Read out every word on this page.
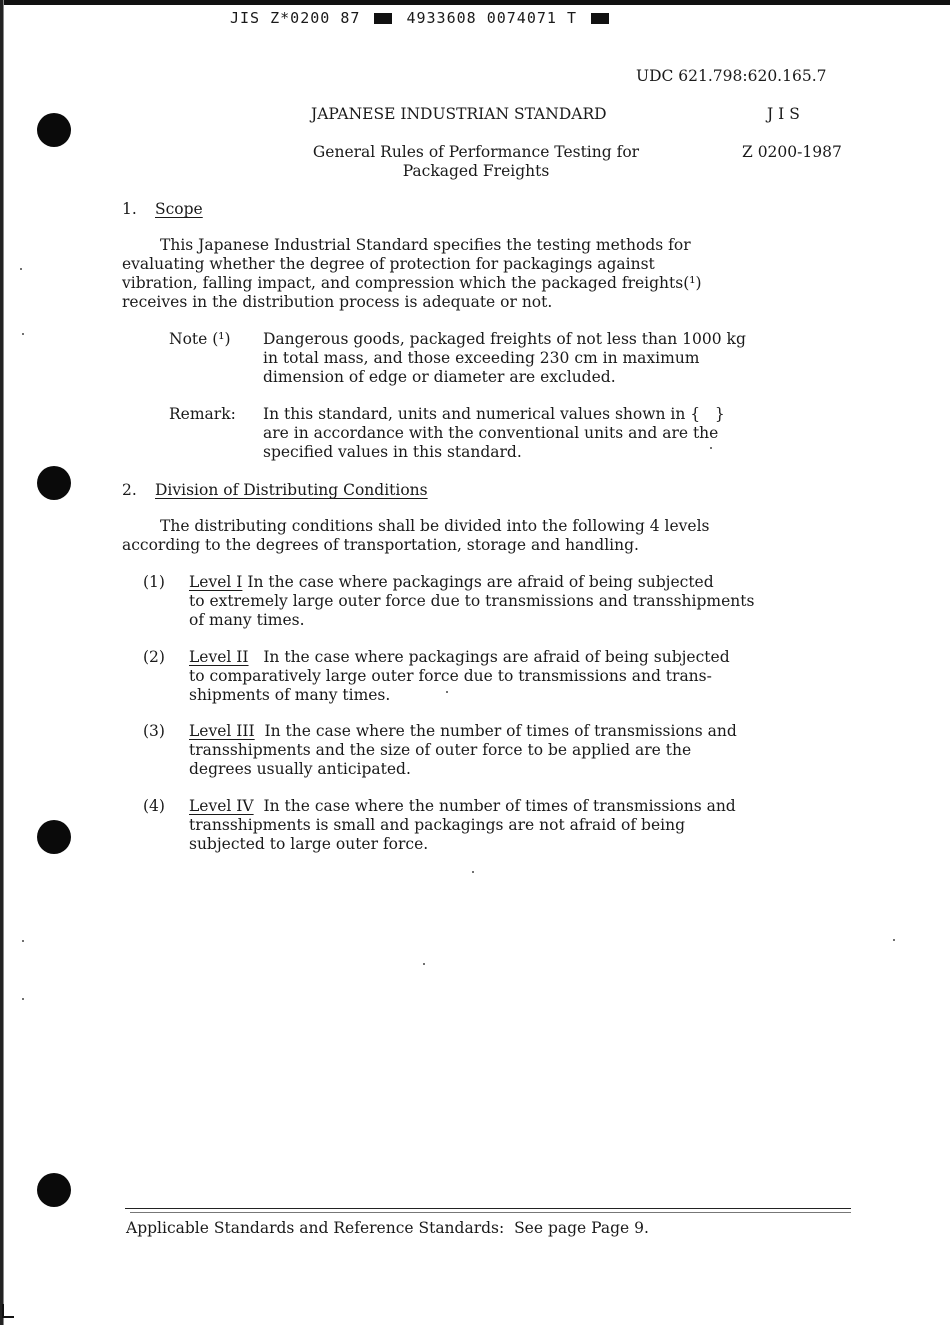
JIS Z*0200 87	4933608 0074071 T
UDC 621.798:620.165.7
JAPANESE INDUSTRIAN STANDARD	J I S
General Rules of Performance Testing for
Packaged Freights
Z 0200-1987
1. Scope
This Japanese Industrial Standard specifies the testing methods for
evaluating whether the degree of protection for packagings against
vibration, falling impact, and compression which the packaged freights(¹)
receives in the distribution process is adequate or not.
Note (¹) Dangerous goods, packaged freights of not less than 1000 kg
in total mass, and those exceeding 230 cm in maximum
dimension of edge or diameter are excluded.
Remark: In this standard, units and numerical values shown in {   }
are in accordance with the conventional units and are the
specified values in this standard.
2. Division of Distributing Conditions
The distributing conditions shall be divided into the following 4 levels
according to the degrees of transportation, storage and handling.
(1) Level I In the case where packagings are afraid of being subjected
to extremely large outer force due to transmissions and transshipments
of many times.
(2) Level II In the case where packagings are afraid of being subjected
to comparatively large outer force due to transmissions and trans-
shipments of many times.
(3) Level III In the case where the number of times of transmissions and
transshipments and the size of outer force to be applied are the
degrees usually anticipated.
(4) Level IV In the case where the number of times of transmissions and
transshipments is small and packagings are not afraid of being
subjected to large outer force.
Applicable Standards and Reference Standards:  See page Page 9.
